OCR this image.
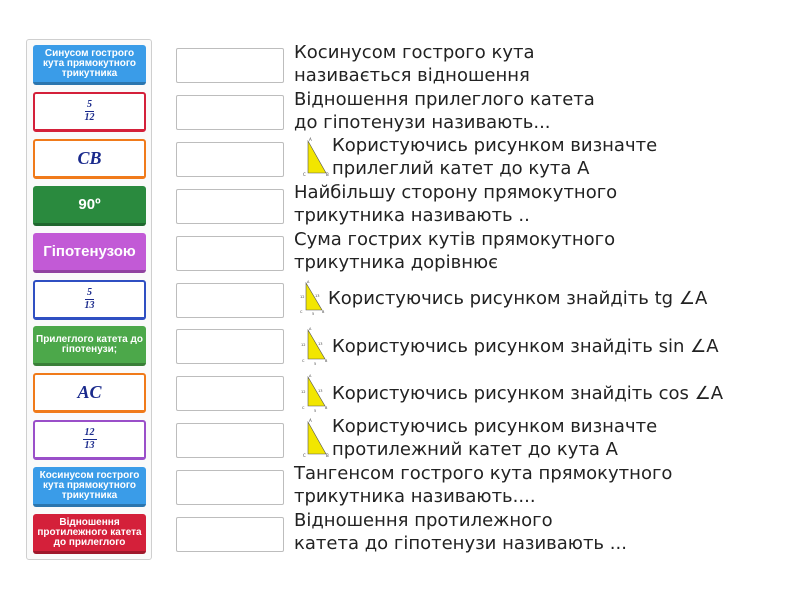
Синусом гострого кута прямокутного трикутника
$\frac{5}{12}$
CB
90º
Гіпотенузою
$\frac{5}{13}$
Прилеглого катета до гіпотенузи;
AC
$\frac{12}{13}$
Косинусом гострого кута прямокутного трикутника
Відношення протилежного катета до прилеглого
Косинусом гострого кута
називається відношення
Відношення прилеглого катета
до гіпотенузи називають...
A
C	B
Користуючись рисунком визначте
прилеглий катет до кута А
Найбільшу сторону прямокутного
трикутника називають ..
Сума гострих кутів прямокутного
трикутника дорівнює
A
C	B
13
5
12 Користуючись рисунком знайдіть tg ∠A
A
C	B
13
5
12 Користуючись рисунком знайдіть sin ∠A
A
C	B
13
5
12 Користуючись рисунком знайдіть cos ∠A
A
C	B
Користуючись рисунком визначте
протилежний катет до кута А
Тангенсом гострого кута прямокутного
трикутника називають....
Відношення протилежного
катета до гіпотенузи називають ...
